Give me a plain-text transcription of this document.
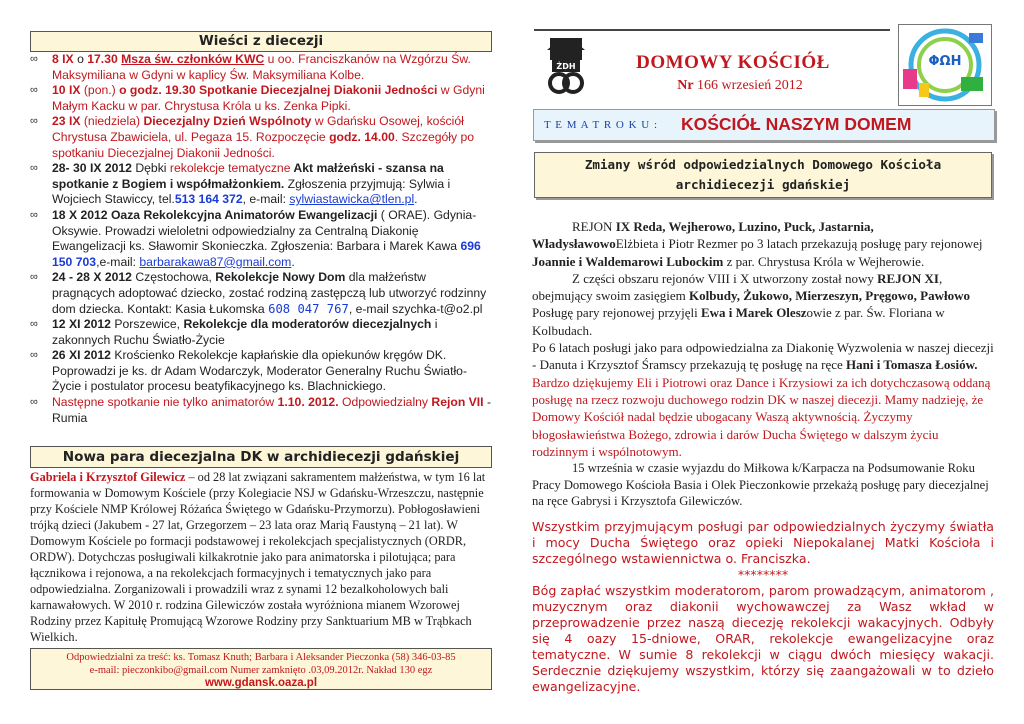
Wieści z diecezji
∞ 8 IX o 17.30 Msza św. członków KWC u oo. Franciszkanów na Wzgórzu Św. Maksymiliana w Gdyni w kaplicy Św. Maksymiliana Kolbe.
∞ 10 IX (pon.) o godz. 19.30 Spotkanie Diecezjalnej Diakonii Jedności w Gdyni Małym Kacku w par. Chrystusa Króla u ks. Zenka Pipki.
∞ 23 IX (niedziela) Diecezjalny Dzień Wspólnoty w Gdańsku Osowej, kościół Chrystusa Zbawiciela, ul. Pegaza 15. Rozpoczęcie godz. 14.00. Szczegóły po spotkaniu Diecezjalnej Diakonii Jedności.
∞ 28- 30 IX 2012 Dębki rekolekcje tematyczne Akt małżeński - szansa na spotkanie z Bogiem i współmałżonkiem. Zgłoszenia przyjmują: Sylwia i Wojciech Stawiccy, tel.513 164 372, e-mail: sylwiastawicka@tlen.pl.
∞ 18 X 2012 Oaza Rekolekcyjna Animatorów Ewangelizacji ( ORAE). Gdynia-Oksywie. Prowadzi wieloletni odpowiedzialny za Centralną Diakonię Ewangelizacji ks. Sławomir Skonieczka. Zgłoszenia: Barbara i Marek Kawa 696 150 703,e-mail: barbarakawa87@gmail.com.
∞ 24 - 28 X 2012 Częstochowa, Rekolekcje Nowy Dom dla małżeństw pragnących adoptować dziecko, zostać rodziną zastępczą lub utworzyć rodzinny dom dziecka. Kontakt: Kasia Łukomska 608 047 767, e-mail szychka-t@o2.pl
∞ 12 XI 2012 Porszewice, Rekolekcje dla moderatorów diecezjalnych i zakonnych Ruchu Światło-Życie
∞ 26 XI 2012 Krościenko Rekolekcje kapłańskie dla opiekunów kręgów DK. Poprowadzi je ks. dr Adam Wodarczyk, Moderator Generalny Ruchu Światło-Życie i postulator procesu beatyfikacyjnego ks. Blachnickiego.
∞ Następne spotkanie nie tylko animatorów 1.10. 2012. Odpowiedzialny Rejon VII - Rumia
Nowa para diecezjalna DK w archidiecezji gdańskiej
Gabriela i Krzysztof Gilewicz – od 28 lat związani sakramentem małżeństwa, w tym 16 lat formowania w Domowym Kościele (przy Kolegiacie NSJ w Gdańsku-Wrzeszczu, następnie przy Kościele NMP Królowej Różańca Świętego w Gdańsku-Przymorzu). Pobłogosławieni trójką dzieci (Jakubem - 27 lat, Grzegorzem – 23 lata oraz Marią Faustyną – 21 lat). W Domowym Kościele po formacji podstawowej i rekolekcjach specjalistycznych (ORDR, ORDW). Dotychczas posługiwali kilkakrotnie jako para animatorska i pilotująca; para łącznikowa i rejonowa, a na rekolekcjach formacyjnych i tematycznych jako para odpowiedzialna. Zorganizowali i prowadzili wraz z synami 12 bezalkoholowych bali karnawałowych. W 2010 r. rodzina Gilewiczów została wyróżniona mianem Wzorowej Rodziny przez Kapitułę Promującą Wzorowe Rodziny przy Sanktuarium MB w Trąbkach Wielkich.
Odpowiedzialni za treść: ks. Tomasz Knuth; Barbara i Aleksander Pieczonka (58) 346-03-85
e-mail: pieczonkibo@gmail.com Numer zamknięto .03,09.2012r. Nakład 130 egz
www.gdansk.oaza.pl
ŻDH	DOMOWY KOŚCIÓŁ
Nr 166 wrzesień 2012
ΦΩΗ
T E M A T R O K U : KOŚCIÓŁ NASZYM DOMEM
Zmiany wśród odpowiedzialnych Domowego Kościoła
archidiecezji gdańskiej
REJON IX Reda, Wejherowo, Luzino, Puck, Jastarnia, WładysławowoElżbieta i Piotr Rezmer po 3 latach przekazują posługę pary rejonowej Joannie i Waldemarowi Lubockim z par. Chrystusa Króla w Wejherowie.
Z części obszaru rejonów VIII i X utworzony został nowy REJON XI, obejmujący swoim zasięgiem Kolbudy, Żukowo, Mierzeszyn, Pręgowo, Pawłowo Posługę pary rejonowej przyjęli Ewa i Marek Oleszowie z par. Św. Floriana w Kolbudach.
Po 6 latach posługi jako para odpowiedzialna za Diakonię Wyzwolenia w naszej diecezji - Danuta i Krzysztof Śramscy przekazują tę posługę na ręce Hani i Tomasza Łosiów.
Bardzo dziękujemy Eli i Piotrowi oraz Dance i Krzysiowi za ich dotychczasową oddaną posługę na rzecz rozwoju duchowego rodzin DK w naszej diecezji. Mamy nadzieję, że Domowy Kościół nadal będzie ubogacany Waszą aktywnością. Życzymy błogosławieństwa Bożego, zdrowia i darów Ducha Świętego w dalszym życiu rodzinnym i wspólnotowym.
15 września w czasie wyjazdu do Miłkowa k/Karpacza na Podsumowanie Roku Pracy Domowego Kościoła Basia i Olek Pieczonkowie przekażą posługę pary diecezjalnej na ręce Gabrysi i Krzysztofa Gilewiczów.
Wszystkim przyjmującym posługi par odpowiedzialnych życzymy światła i mocy Ducha Świętego oraz opieki Niepokalanej Matki Kościoła i szczególnego wstawiennictwa o. Franciszka.
********
Bóg zapłać wszystkim moderatorom, parom prowadzącym, animatorom , muzycznym oraz diakonii wychowawczej za Wasz wkład w przeprowadzenie przez naszą diecezję rekolekcji wakacyjnych. Odbyły się 4 oazy 15-dniowe, ORAR, rekolekcje ewangelizacyjne oraz tematyczne. W sumie 8 rekolekcji w ciągu dwóch miesięcy wakacji. Serdecznie dziękujemy wszystkim, którzy się zaangażowali w to dzieło ewangelizacyjne.
